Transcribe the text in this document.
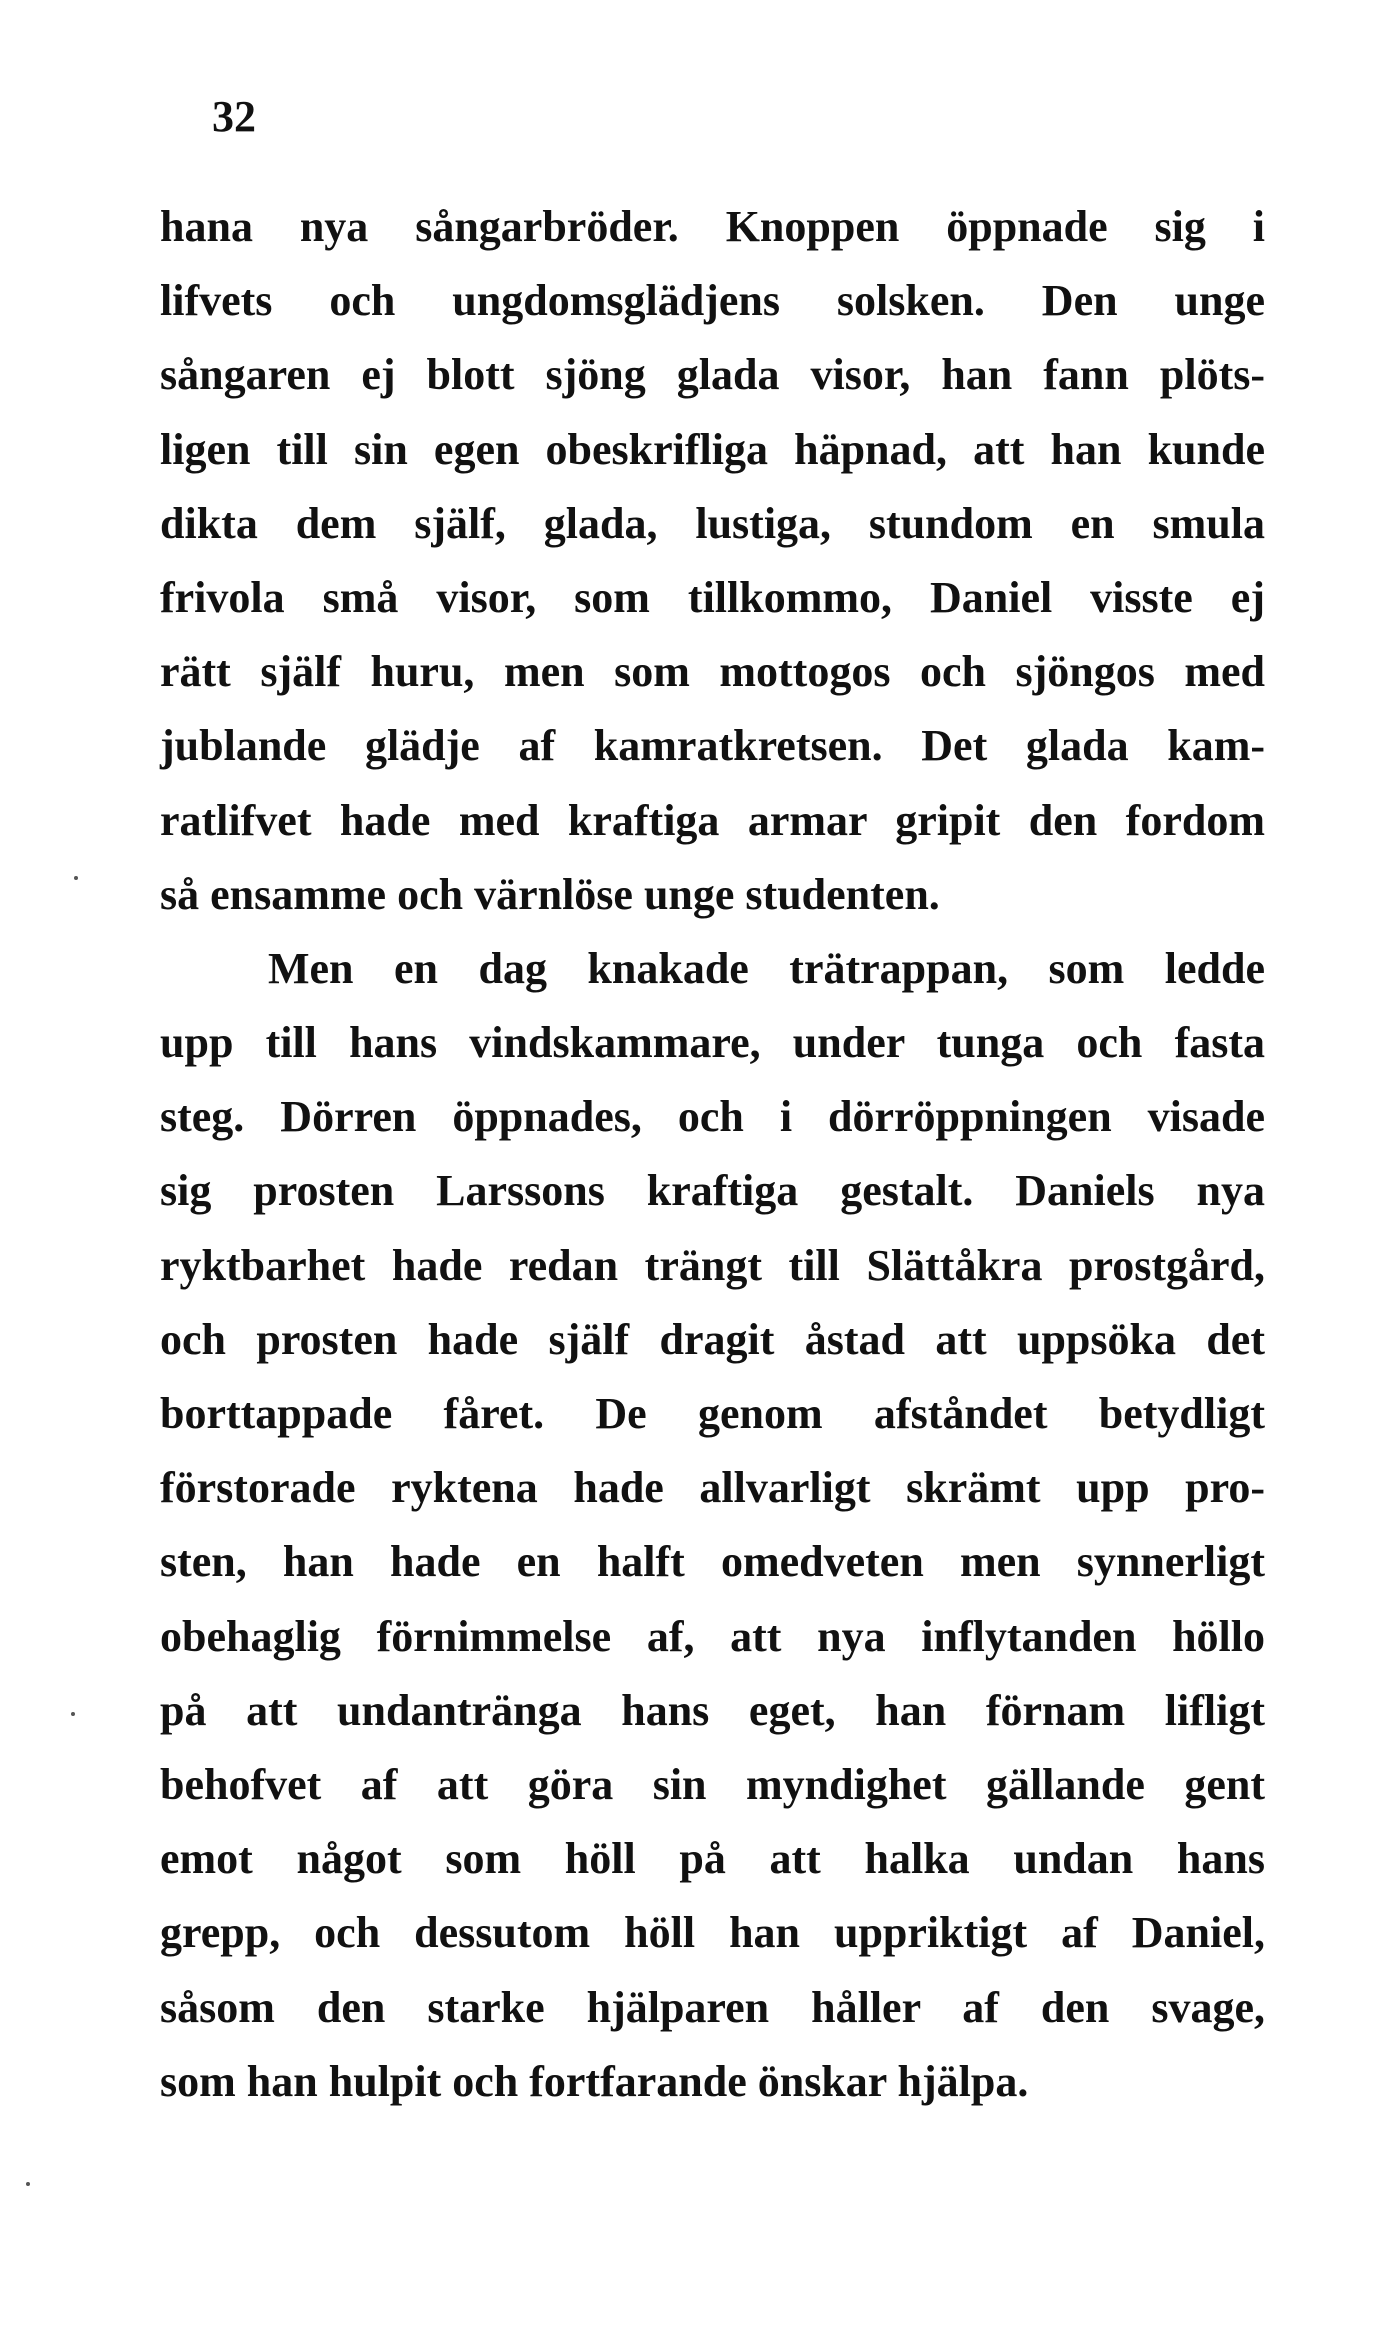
32
hana nya sångarbröder. Knoppen öppnade sig i
lifvets och ungdomsglädjens solsken. Den unge
sångaren ej blott sjöng glada visor, han fann plöts-
ligen till sin egen obeskrifliga häpnad, att han kunde
dikta dem själf, glada, lustiga, stundom en smula
frivola små visor, som tillkommo, Daniel visste ej
rätt själf huru, men som mottogos och sjöngos med
jublande glädje af kamratkretsen. Det glada kam-
ratlifvet hade med kraftiga armar gripit den fordom
så ensamme och värnlöse unge studenten.
Men en dag knakade trätrappan, som ledde
upp till hans vindskammare, under tunga och fasta
steg. Dörren öppnades, och i dörröppningen visade
sig prosten Larssons kraftiga gestalt. Daniels nya
ryktbarhet hade redan trängt till Slättåkra prostgård,
och prosten hade själf dragit åstad att uppsöka det
borttappade fåret. De genom afståndet betydligt
förstorade ryktena hade allvarligt skrämt upp pro-
sten, han hade en halft omedveten men synnerligt
obehaglig förnimmelse af, att nya inflytanden höllo
på att undantränga hans eget, han förnam lifligt
behofvet af att göra sin myndighet gällande gent
emot något som höll på att halka undan hans
grepp, och dessutom höll han uppriktigt af Daniel,
såsom den starke hjälparen håller af den svage,
som han hulpit och fortfarande önskar hjälpa.
